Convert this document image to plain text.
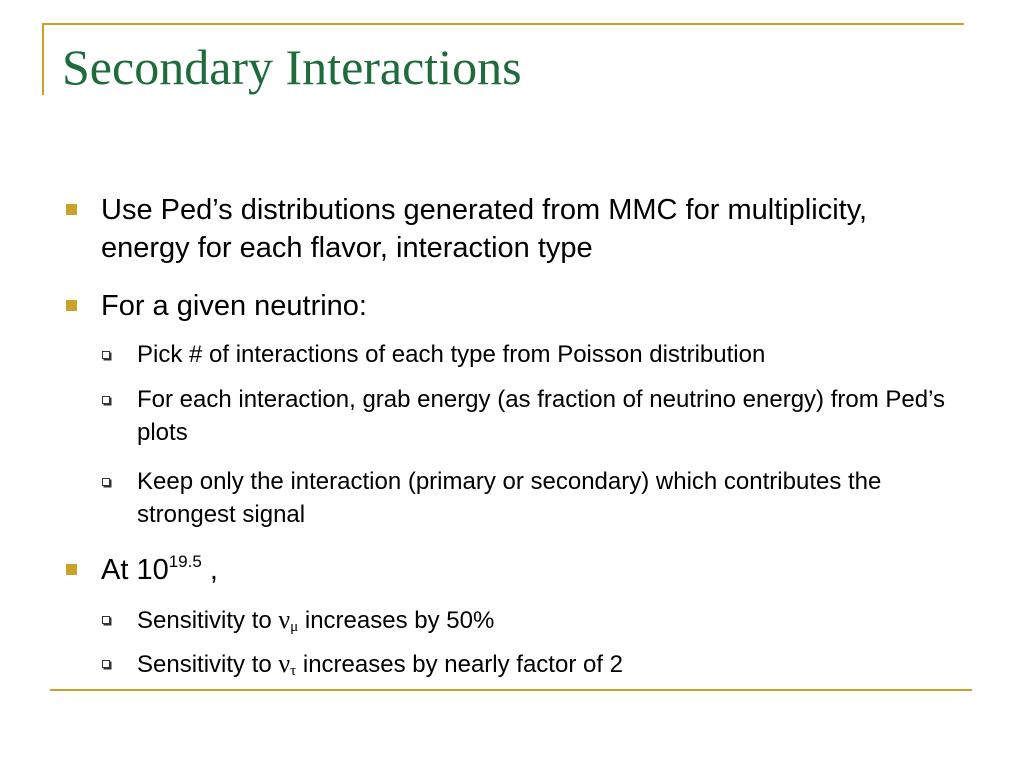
Secondary Interactions
Use Ped’s distributions generated from MMC for multiplicity, energy for each flavor, interaction type
For a given neutrino:
Pick # of interactions of each type from Poisson distribution
For each interaction, grab energy (as fraction of neutrino energy) from Ped’s plots
Keep only the interaction (primary or secondary) which contributes the strongest signal
At $10^{19.5}$ ,
Sensitivity to $\nu_\mu$ increases by 50%
Sensitivity to $\nu_\tau$ increases by nearly factor of 2
